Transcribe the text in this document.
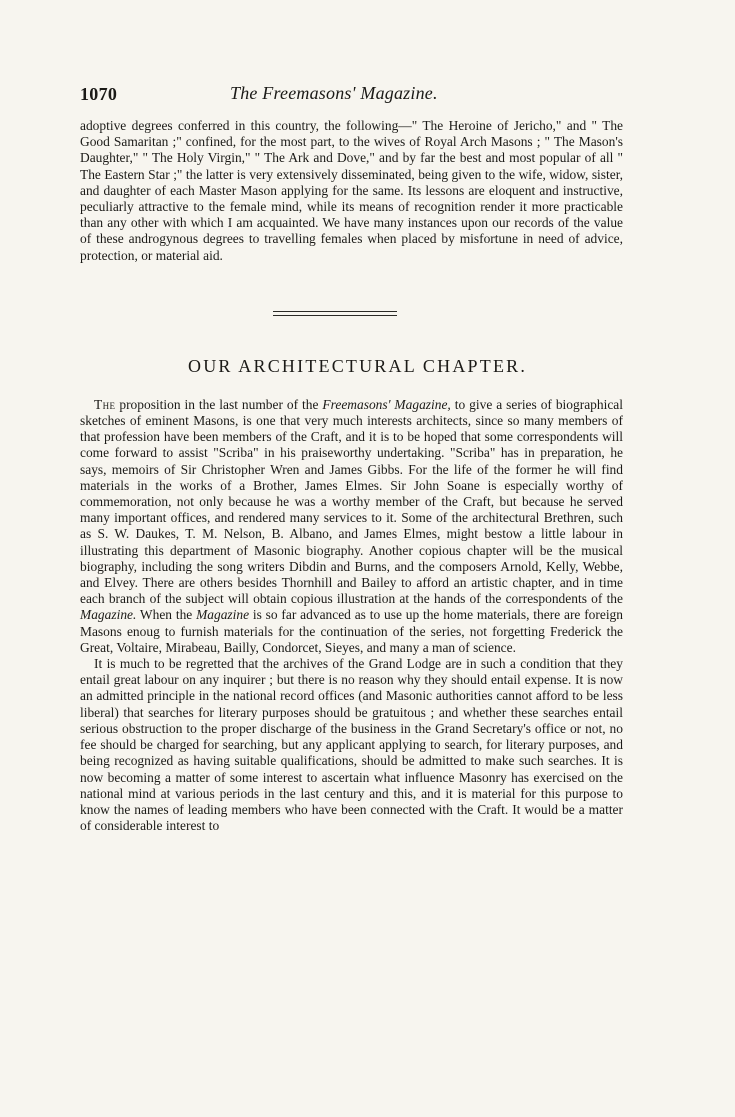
1070	The Freemasons' Magazine.

adoptive degrees conferred in this country, the following—" The Heroine of Jericho," and " The Good Samaritan ;" confined, for the most part, to the wives of Royal Arch Masons ; " The Mason's Daughter," " The Holy Virgin," " The Ark and Dove," and by far the best and most popular of all " The Eastern Star ;" the latter is very extensively disseminated, being given to the wife, widow, sister, and daughter of each Master Mason applying for the same. Its lessons are eloquent and instructive, peculiarly attractive to the female mind, while its means of recognition render it more practicable than any other with which I am acquainted. We have many instances upon our records of the value of these androgynous degrees to travelling females when placed by misfortune in need of advice, protection, or material aid.

OUR ARCHITECTURAL CHAPTER.

The proposition in the last number of the Freemasons' Magazine, to give a series of biographical sketches of eminent Masons, is one that very much interests architects, since so many members of that profession have been members of the Craft, and it is to be hoped that some correspondents will come forward to assist "Scriba" in his praiseworthy undertaking. "Scriba" has in preparation, he says, memoirs of Sir Christopher Wren and James Gibbs. For the life of the former he will find materials in the works of a Brother, James Elmes. Sir John Soane is especially worthy of commemoration, not only because he was a worthy member of the Craft, but because he served many important offices, and rendered many services to it. Some of the architectural Brethren, such as S. W. Daukes, T. M. Nelson, B. Albano, and James Elmes, might bestow a little labour in illustrating this department of Masonic biography. Another copious chapter will be the musical biography, including the song writers Dibdin and Burns, and the composers Arnold, Kelly, Webbe, and Elvey. There are others besides Thornhill and Bailey to afford an artistic chapter, and in time each branch of the subject will obtain copious illustration at the hands of the correspondents of the Magazine. When the Magazine is so far advanced as to use up the home materials, there are foreign Masons enoug to furnish materials for the continuation of the series, not forgetting Frederick the Great, Voltaire, Mirabeau, Bailly, Condorcet, Sieyes, and many a man of science.

It is much to be regretted that the archives of the Grand Lodge are in such a condition that they entail great labour on any inquirer ; but there is no reason why they should entail expense. It is now an admitted principle in the national record offices (and Masonic authorities cannot afford to be less liberal) that searches for literary purposes should be gratuitous ; and whether these searches entail serious obstruction to the proper discharge of the business in the Grand Secretary's office or not, no fee should be charged for searching, but any applicant applying to search, for literary purposes, and being recognized as having suitable qualifications, should be admitted to make such searches. It is now becoming a matter of some interest to ascertain what influence Masonry has exercised on the national mind at various periods in the last century and this, and it is material for this purpose to know the names of leading members who have been connected with the Craft. It would be a matter of considerable interest to
